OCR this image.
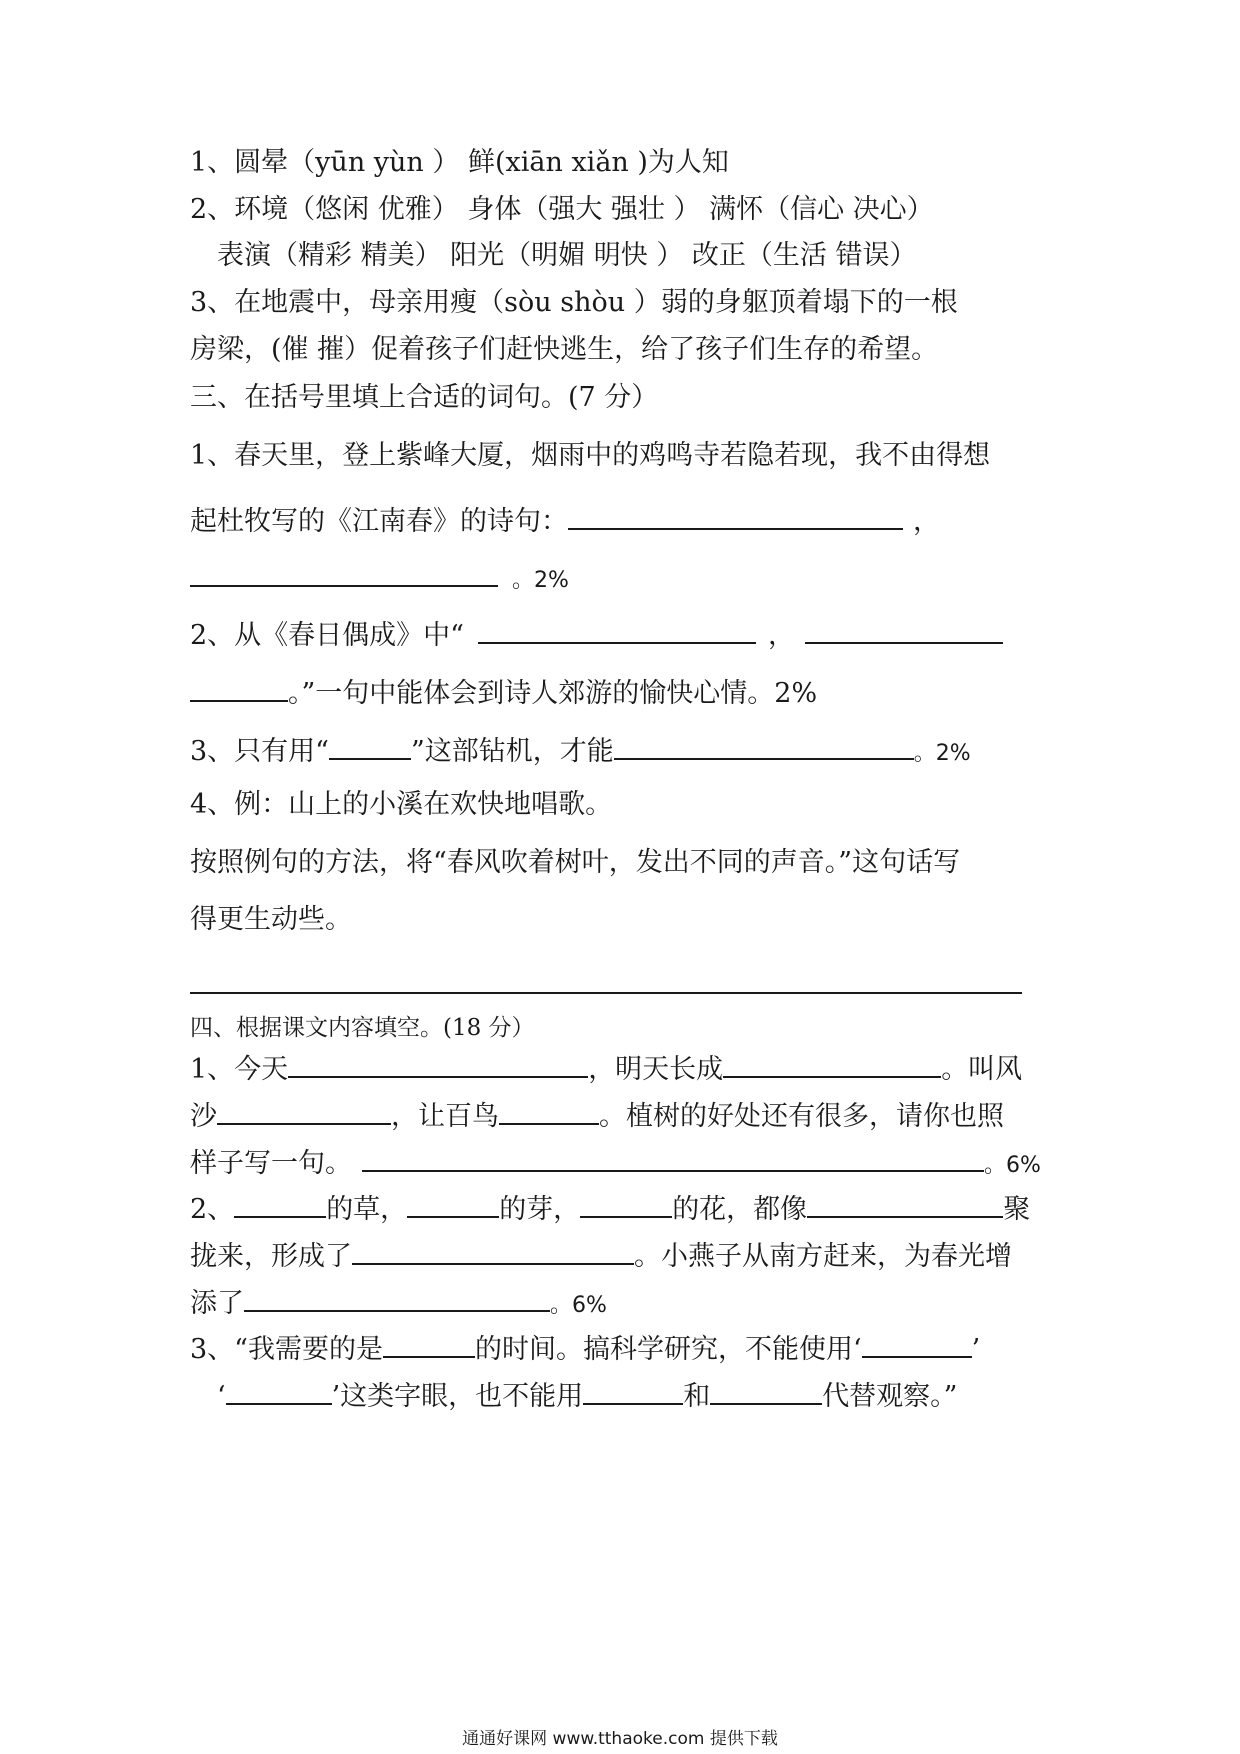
1、圆晕（yūn yùn ） 鲜(xiān xiǎn )为人知
2、环境（悠闲 优雅） 身体（强大 强壮 ） 满怀（信心 决心）
表演（精彩 精美） 阳光（明媚 明快 ） 改正（生活 错误）
3、在地震中，母亲用瘦（sòu shòu ）弱的身躯顶着塌下的一根
房梁，(催 摧）促着孩子们赶快逃生，给了孩子们生存的希望。
三、在括号里填上合适的词句。(7 分）
1、春天里，登上紫峰大厦，烟雨中的鸡鸣寺若隐若现，我不由得想
起杜牧写的《江南春》的诗句：	，
。2%
2、从《春日偶成》中“	，
。”一句中能体会到诗人郊游的愉快心情。2%
3、只有用“	”这部钻机，才能	。2%
4、例：山上的小溪在欢快地唱歌。
按照例句的方法，将“春风吹着树叶，发出不同的声音。”这句话写
得更生动些。
四、根据课文内容填空。(18 分）
1、今天	，明天长成	。叫风
沙	，让百鸟	。植树的好处还有很多，请你也照
样子写一句。	。6%
2、	的草，	的芽，	的花，都像	聚
拢来，形成了	。小燕子从南方赶来，为春光增
添了	。6%
3、“我需要的是	的时间。搞科学研究，不能使用‘	’
‘	’这类字眼，也不能用	和	代替观察。”
通通好课网 www.tthaoke.com 提供下载
